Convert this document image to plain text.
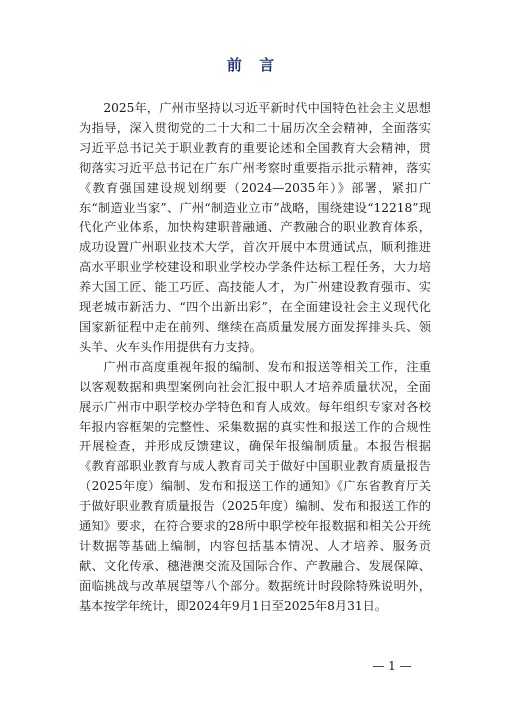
前 言

2025年，广州市坚持以习近平新时代中国特色社会主义思想为指导，深入贯彻党的二十大和二十届历次全会精神，全面落实习近平总书记关于职业教育的重要论述和全国教育大会精神，贯彻落实习近平总书记在广东广州考察时重要指示批示精神，落实《教育强国建设规划纲要（2024—2035年）》部署，紧扣广东“制造业当家”、广州“制造业立市”战略，围绕建设“12218”现代化产业体系，加快构建职普融通、产教融合的职业教育体系，成功设置广州职业技术大学，首次开展中本贯通试点，顺利推进高水平职业学校建设和职业学校办学条件达标工程任务，大力培养大国工匠、能工巧匠、高技能人才，为广州建设教育强市、实现老城市新活力、“四个出新出彩”，在全面建设社会主义现代化国家新征程中走在前列、继续在高质量发展方面发挥排头兵、领头羊、火车头作用提供有力支持。

广州市高度重视年报的编制、发布和报送等相关工作，注重以客观数据和典型案例向社会汇报中职人才培养质量状况，全面展示广州市中职学校办学特色和育人成效。每年组织专家对各校年报内容框架的完整性、采集数据的真实性和报送工作的合规性开展检查，并形成反馈建议，确保年报编制质量。本报告根据《教育部职业教育与成人教育司关于做好中国职业教育质量报告（2025年度）编制、发布和报送工作的通知》《广东省教育厅关于做好职业教育质量报告（2025年度）编制、发布和报送工作的通知》要求，在符合要求的28所中职学校年报数据和相关公开统计数据等基础上编制，内容包括基本情况、人才培养、服务贡献、文化传承、穗港澳交流及国际合作、产教融合、发展保障、面临挑战与改革展望等八个部分。数据统计时段除特殊说明外，基本按学年统计，即2024年9月1日至2025年8月31日。

— 1 —
